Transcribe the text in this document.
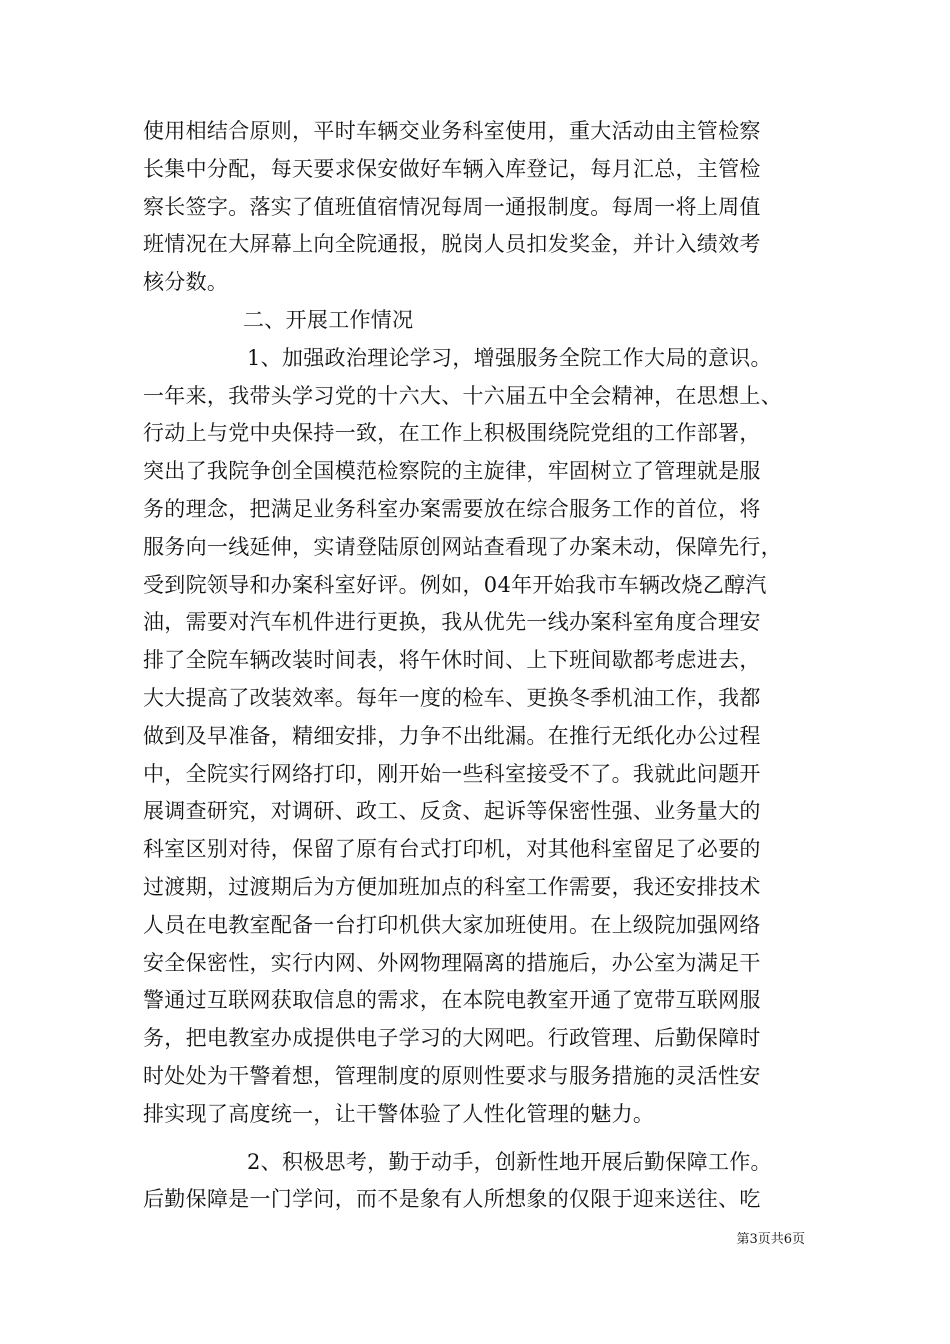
使用相结合原则，平时车辆交业务科室使用，重大活动由主管检察
长集中分配，每天要求保安做好车辆入库登记，每月汇总，主管检
察长签字。落实了值班值宿情况每周一通报制度。每周一将上周值
班情况在大屏幕上向全院通报，脱岗人员扣发奖金，并计入绩效考
核分数。
二、开展工作情况
1、加强政治理论学习，增强服务全院工作大局的意识。
一年来，我带头学习党的十六大、十六届五中全会精神，在思想上、
行动上与党中央保持一致，在工作上积极围绕院党组的工作部署，
突出了我院争创全国模范检察院的主旋律，牢固树立了管理就是服
务的理念，把满足业务科室办案需要放在综合服务工作的首位，将
服务向一线延伸，实请登陆原创网站查看现了办案未动，保障先行，
受到院领导和办案科室好评。例如，04年开始我市车辆改烧乙醇汽
油，需要对汽车机件进行更换，我从优先一线办案科室角度合理安
排了全院车辆改装时间表，将午休时间、上下班间歇都考虑进去，
大大提高了改装效率。每年一度的检车、更换冬季机油工作，我都
做到及早准备，精细安排，力争不出纰漏。在推行无纸化办公过程
中，全院实行网络打印，刚开始一些科室接受不了。我就此问题开
展调查研究，对调研、政工、反贪、起诉等保密性强、业务量大的
科室区别对待，保留了原有台式打印机，对其他科室留足了必要的
过渡期，过渡期后为方便加班加点的科室工作需要，我还安排技术
人员在电教室配备一台打印机供大家加班使用。在上级院加强网络
安全保密性，实行内网、外网物理隔离的措施后，办公室为满足干
警通过互联网获取信息的需求，在本院电教室开通了宽带互联网服
务，把电教室办成提供电子学习的大网吧。行政管理、后勤保障时
时处处为干警着想，管理制度的原则性要求与服务措施的灵活性安
排实现了高度统一，让干警体验了人性化管理的魅力。
2、积极思考，勤于动手，创新性地开展后勤保障工作。
后勤保障是一门学问，而不是象有人所想象的仅限于迎来送往、吃
第3页共6页
